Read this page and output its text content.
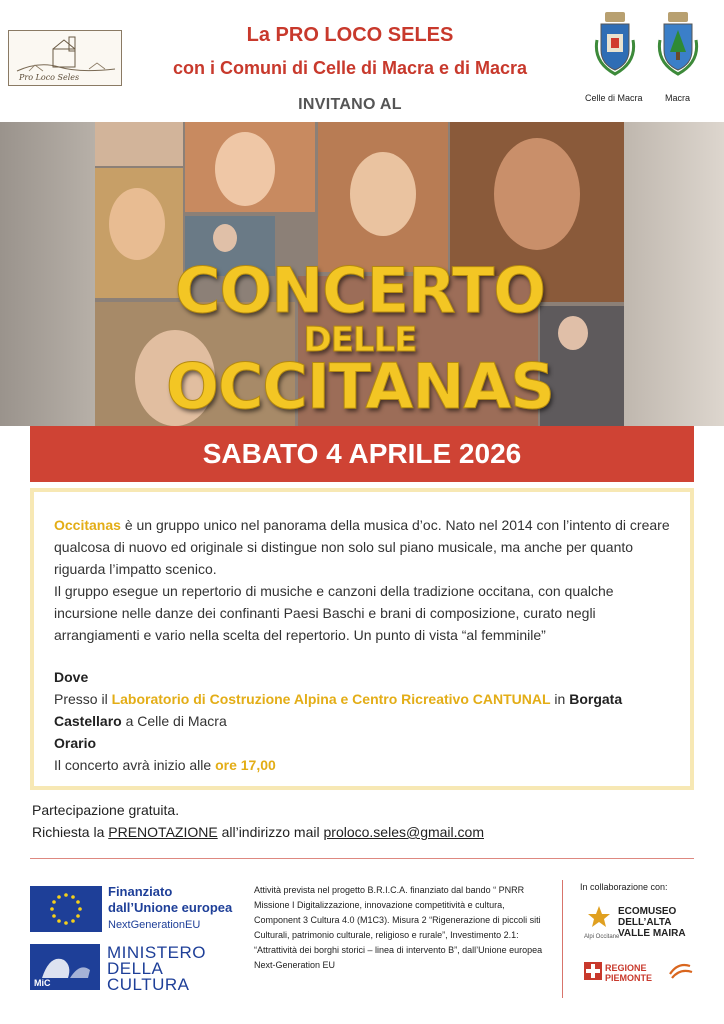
Pro Loco Seles
La PRO LOCO SELES
con i Comuni di Celle di Macra e di Macra
INVITANO AL	Celle di Macra Macra
CONCERTO
DELLE
OCCITANAS
SABATO 4 APRILE 2026

Occitanas è un gruppo unico nel panorama della musica d’oc. Nato nel 2014 con l’intento di creare qualcosa di nuovo ed originale si distingue non solo sul piano musicale, ma anche per quanto riguarda l’impatto scenico.

Il gruppo esegue un repertorio di musiche e canzoni della tradizione occitana, con qualche incursione nelle danze dei confinanti Paesi Baschi e brani di composizione, curato negli arrangiamenti e vario nella scelta del repertorio. Un punto di vista “al femminile”

Dove

Presso il Laboratorio di Costruzione Alpina e Centro Ricreativo CANTUNAL in Borgata Castellaro a Celle di Macra

Orario

Il concerto avrà inizio alle ore 17,00

Partecipazione gratuita.
Richiesta la PRENOTAZIONE all’indirizzo mail proloco.seles@gmail.com
Finanziato
dall’Unione europea
NextGenerationEU
MiC
MINISTERO
DELLA
CULTURA
Attività prevista nel progetto B.R.I.C.A. finanziato dal bando “ PNRR Missione I Digitalizzazione, innovazione competitività e cultura, Component 3 Cultura 4.0 (M1C3). Misura 2 “Rigenerazione di piccoli siti Culturali, patrimonio culturale, religioso e rurale”, Investimento 2.1: “Attrattività dei borghi storici – linea di intervento B”, dall’Unione europea Next-Generation EU
In collaborazione con:
Alpi Occitane
ECOMUSEO
DELL’ALTA
VALLE MAIRA
REGIONE
PIEMONTE
